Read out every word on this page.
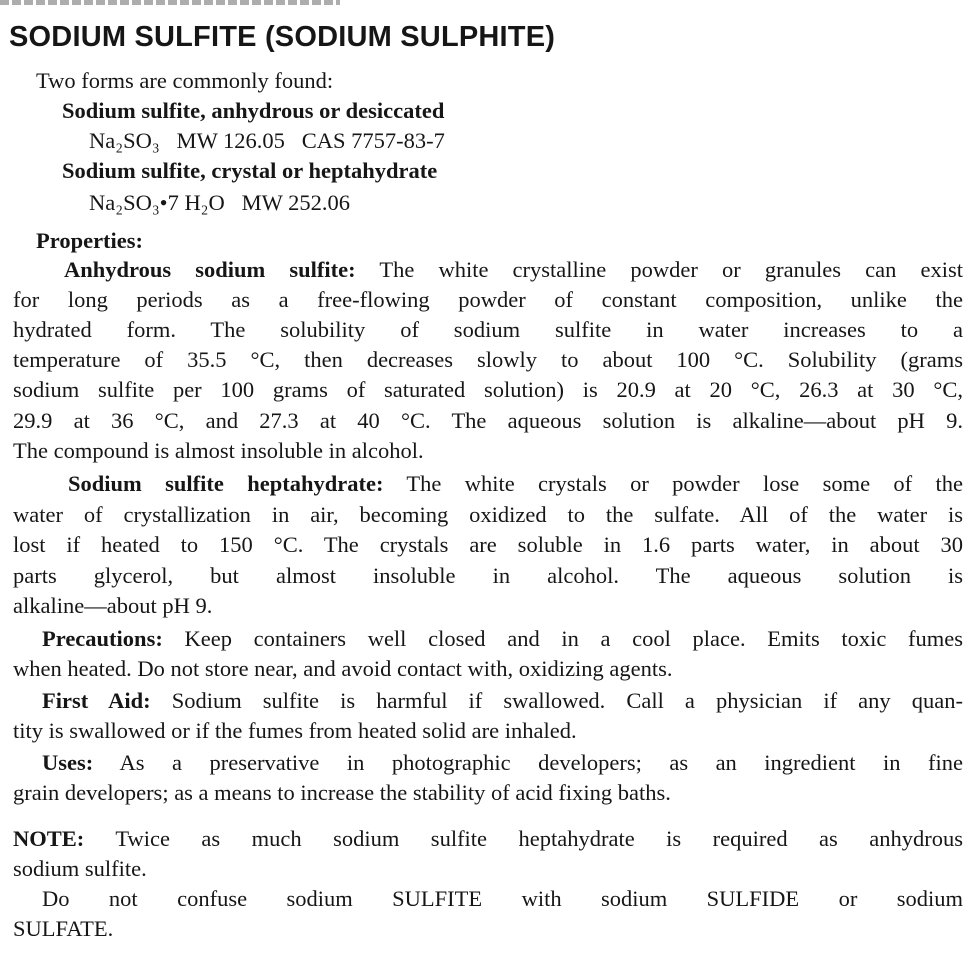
SODIUM SULFITE (SODIUM SULPHITE)
Two forms are commonly found:
Sodium sulfite, anhydrous or desiccated
Na₂SO₃   MW 126.05   CAS 7757-83-7
Sodium sulfite, crystal or heptahydrate
Na₂SO₃•7 H₂O   MW 252.06
Properties:
Anhydrous sodium sulfite: The white crystalline powder or granules can exist
for long periods as a free-flowing powder of constant composition, unlike the
hydrated form. The solubility of sodium sulfite in water increases to a
temperature of 35.5 °C, then decreases slowly to about 100 °C. Solubility (grams
sodium sulfite per 100 grams of saturated solution) is 20.9 at 20 °C, 26.3 at 30 °C,
29.9 at 36 °C, and 27.3 at 40 °C. The aqueous solution is alkaline—about pH 9.
The compound is almost insoluble in alcohol.
Sodium sulfite heptahydrate: The white crystals or powder lose some of the
water of crystallization in air, becoming oxidized to the sulfate. All of the water is
lost if heated to 150 °C. The crystals are soluble in 1.6 parts water, in about 30
parts glycerol, but almost insoluble in alcohol. The aqueous solution is
alkaline—about pH 9.
Precautions: Keep containers well closed and in a cool place. Emits toxic fumes
when heated. Do not store near, and avoid contact with, oxidizing agents.
First Aid: Sodium sulfite is harmful if swallowed. Call a physician if any quan-
tity is swallowed or if the fumes from heated solid are inhaled.
Uses: As a preservative in photographic developers; as an ingredient in fine
grain developers; as a means to increase the stability of acid fixing baths.
NOTE: Twice as much sodium sulfite heptahydrate is required as anhydrous
sodium sulfite.
Do not confuse sodium SULFITE with sodium SULFIDE or sodium
SULFATE.
